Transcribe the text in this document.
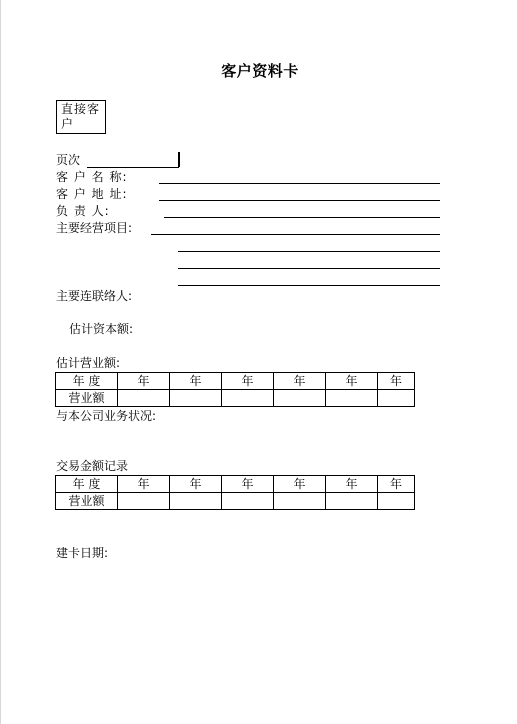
客户资料卡
直接客户
页次
客 户 名 称:
客 户 地 址:
负 责 人:
主要经营项目:
主要连联络人:
估计资本额:
估计营业额:
年 度	年	年	年	年	年	年
营业额						
与本公司业务状况:
交易金额记录
年 度	年	年	年	年	年	年
营业额						
建卡日期:
